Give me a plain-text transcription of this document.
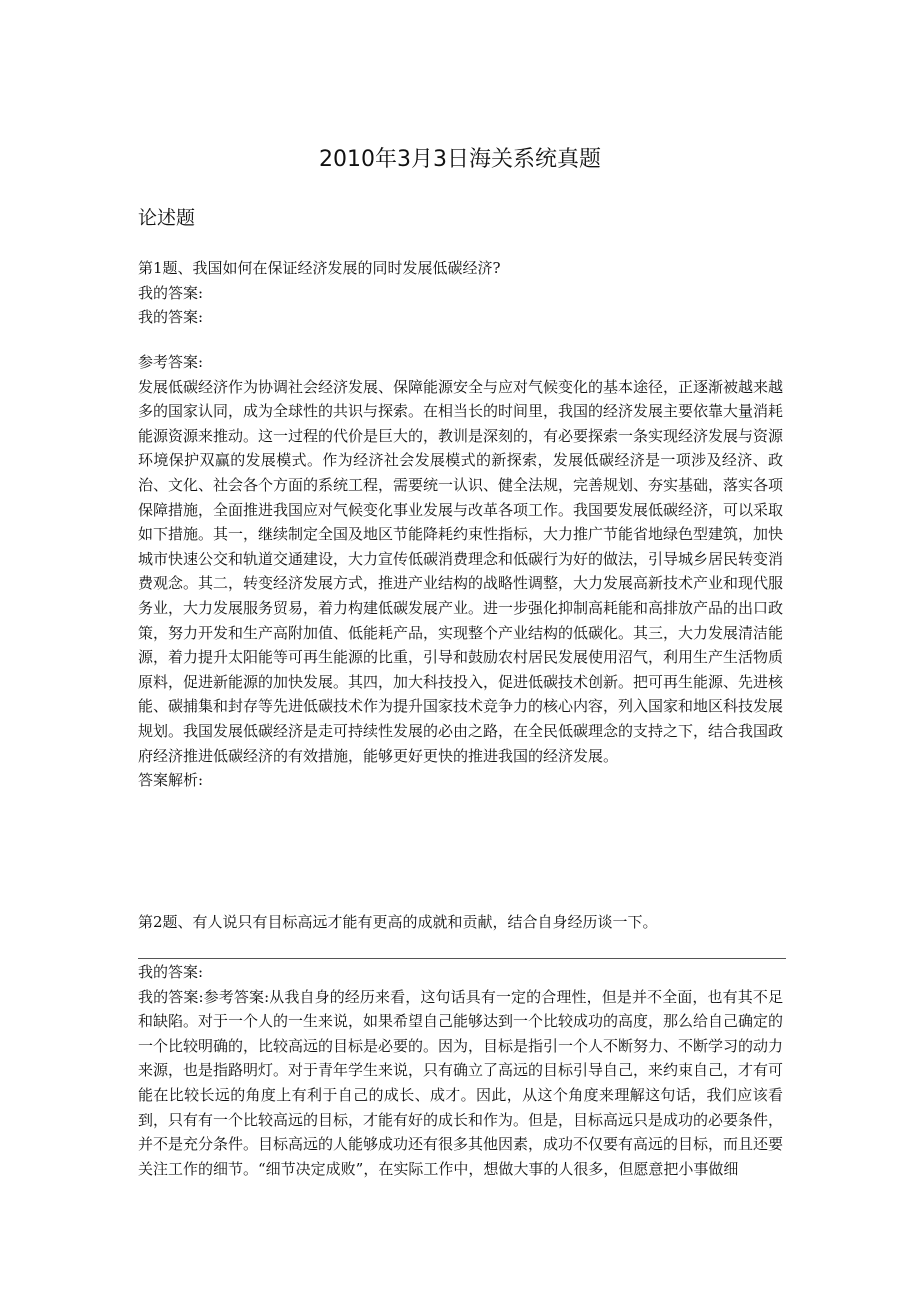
2010年3月3日海关系统真题
论述题
第1题、我国如何在保证经济发展的同时发展低碳经济?
我的答案:
我的答案:
参考答案:
发展低碳经济作为协调社会经济发展、保障能源安全与应对气候变化的基本途径，正逐渐被越来越多的国家认同，成为全球性的共识与探索。在相当长的时间里，我国的经济发展主要依靠大量消耗能源资源来推动。这一过程的代价是巨大的，教训是深刻的，有必要探索一条实现经济发展与资源环境保护双赢的发展模式。作为经济社会发展模式的新探索，发展低碳经济是一项涉及经济、政治、文化、社会各个方面的系统工程，需要统一认识、健全法规，完善规划、夯实基础，落实各项保障措施，全面推进我国应对气候变化事业发展与改革各项工作。我国要发展低碳经济，可以采取如下措施。其一，继续制定全国及地区节能降耗约束性指标，大力推广节能省地绿色型建筑，加快城市快速公交和轨道交通建设，大力宣传低碳消费理念和低碳行为好的做法，引导城乡居民转变消费观念。其二，转变经济发展方式，推进产业结构的战略性调整，大力发展高新技术产业和现代服务业，大力发展服务贸易，着力构建低碳发展产业。进一步强化抑制高耗能和高排放产品的出口政策，努力开发和生产高附加值、低能耗产品，实现整个产业结构的低碳化。其三，大力发展清洁能源，着力提升太阳能等可再生能源的比重，引导和鼓励农村居民发展使用沼气，利用生产生活物质原料，促进新能源的加快发展。其四，加大科技投入，促进低碳技术创新。把可再生能源、先进核能、碳捕集和封存等先进低碳技术作为提升国家技术竞争力的核心内容，列入国家和地区科技发展规划。我国发展低碳经济是走可持续性发展的必由之路，在全民低碳理念的支持之下，结合我国政府经济推进低碳经济的有效措施，能够更好更快的推进我国的经济发展。
答案解析:
第2题、有人说只有目标高远才能有更高的成就和贡献，结合自身经历谈一下。
我的答案:
我的答案:参考答案:从我自身的经历来看，这句话具有一定的合理性，但是并不全面，也有其不足和缺陷。对于一个人的一生来说，如果希望自己能够达到一个比较成功的高度，那么给自己确定的一个比较明确的，比较高远的目标是必要的。因为，目标是指引一个人不断努力、不断学习的动力来源，也是指路明灯。对于青年学生来说，只有确立了高远的目标引导自己，来约束自己，才有可能在比较长远的角度上有利于自己的成长、成才。因此，从这个角度来理解这句话，我们应该看到，只有有一个比较高远的目标，才能有好的成长和作为。但是，目标高远只是成功的必要条件，并不是充分条件。目标高远的人能够成功还有很多其他因素，成功不仅要有高远的目标，而且还要关注工作的细节。“细节决定成败”，在实际工作中，想做大事的人很多，但愿意把小事做细
